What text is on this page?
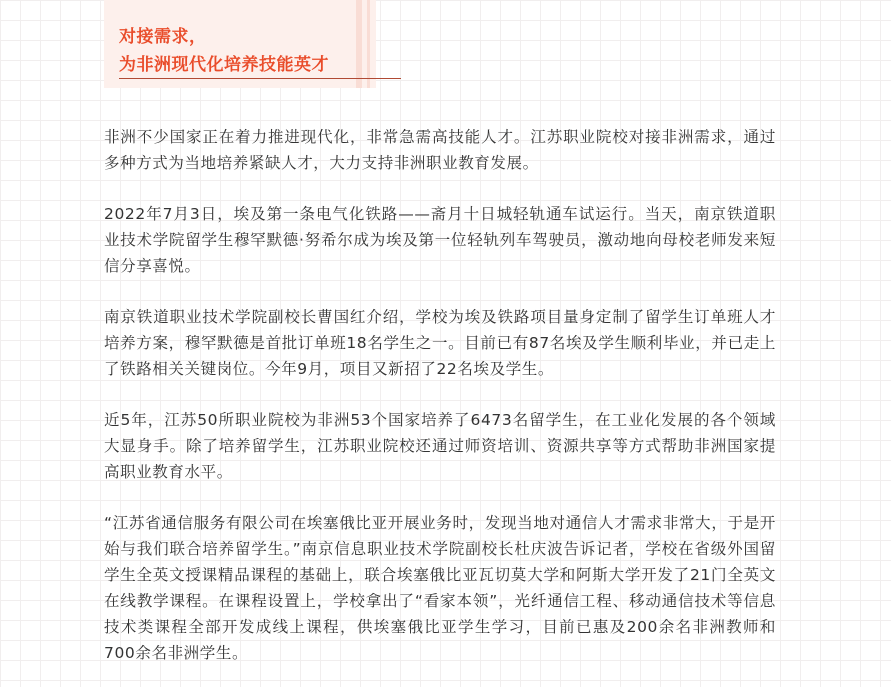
对接需求，
为非洲现代化培养技能英才

非洲不少国家正在着力推进现代化，非常急需高技能人才。江苏职业院校对接非洲需求，通过多种方式为当地培养紧缺人才，大力支持非洲职业教育发展。

2022年7月3日，埃及第一条电气化铁路——斋月十日城轻轨通车试运行。当天，南京铁道职业技术学院留学生穆罕默德·努希尔成为埃及第一位轻轨列车驾驶员，激动地向母校老师发来短信分享喜悦。

南京铁道职业技术学院副校长曹国红介绍，学校为埃及铁路项目量身定制了留学生订单班人才培养方案，穆罕默德是首批订单班18名学生之一。目前已有87名埃及学生顺利毕业，并已走上了铁路相关关键岗位。今年9月，项目又新招了22名埃及学生。

近5年，江苏50所职业院校为非洲53个国家培养了6473名留学生，在工业化发展的各个领域大显身手。除了培养留学生，江苏职业院校还通过师资培训、资源共享等方式帮助非洲国家提高职业教育水平。

“江苏省通信服务有限公司在埃塞俄比亚开展业务时，发现当地对通信人才需求非常大，于是开始与我们联合培养留学生。”南京信息职业技术学院副校长杜庆波告诉记者，学校在省级外国留学生全英文授课精品课程的基础上，联合埃塞俄比亚瓦切莫大学和阿斯大学开发了21门全英文在线教学课程。在课程设置上，学校拿出了“看家本领”，光纤通信工程、移动通信技术等信息技术类课程全部开发成线上课程，供埃塞俄比亚学生学习，目前已惠及200余名非洲教师和700余名非洲学生。
